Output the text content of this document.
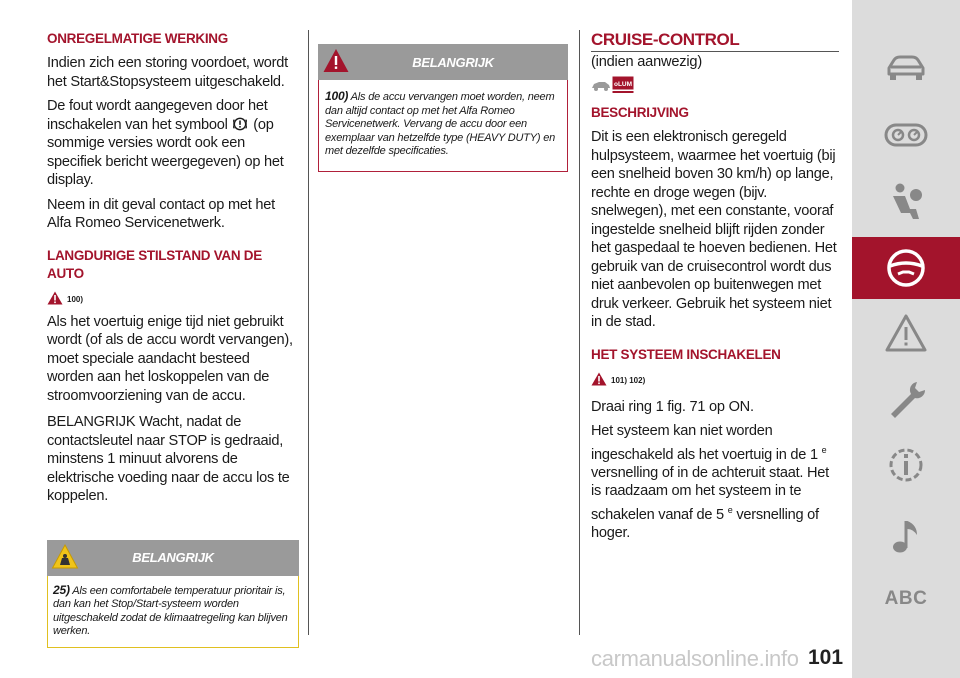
ONREGELMATIGE WERKING

Indien zich een storing voordoet, wordt het Start&Stopsysteem uitgeschakeld.

De fout wordt aangegeven door het inschakelen van het symbool (op sommige versies wordt ook een specifiek bericht weergegeven) op het display.

Neem in dit geval contact op met het Alfa Romeo Servicenetwerk.

LANGDURIGE STILSTAND VAN DE AUTO
100)

Als het voertuig enige tijd niet gebruikt wordt (of als de accu wordt vervangen), moet speciale aandacht besteed worden aan het loskoppelen van de stroomvoorziening van de accu.

BELANGRIJK Wacht, nadat de contactsleutel naar STOP is gedraaid, minstens 1 minuut alvorens de elektrische voeding naar de accu los te koppelen.

BELANGRIJK
25) Als een comfortabele temperatuur prioritair is, dan kan het Stop/Start-systeem worden uitgeschakeld zodat de klimaatregeling kan blijven werken.
BELANGRIJK
100) Als de accu vervangen moet worden, neem dan altijd contact op met het Alfa Romeo Servicenetwerk. Vervang de accu door een exemplaar van hetzelfde type (HEAVY DUTY) en met dezelfde specificaties.
CRUISE-CONTROL
(indien aanwezig)
oLUM
BESCHRIJVING

Dit is een elektronisch geregeld hulpsysteem, waarmee het voertuig (bij een snelheid boven 30 km/h) op lange, rechte en droge wegen (bijv. snelwegen), met een constante, vooraf ingestelde snelheid blijft rijden zonder het gaspedaal te hoeven bedienen. Het gebruik van de cruisecontrol wordt dus niet aanbevolen op buitenwegen met druk verkeer. Gebruik het systeem niet in de stad.

HET SYSTEEM INSCHAKELEN
101) 102)

Draai ring 1 fig. 71 op ON.

Het systeem kan niet worden ingeschakeld als het voertuig in de 1 $^e$ versnelling of in de achteruit staat. Het is raadzaam om het systeem in te schakelen vanaf de 5 $^e$ versnelling of hoger.

ABC
carmanualsonline.info 101
